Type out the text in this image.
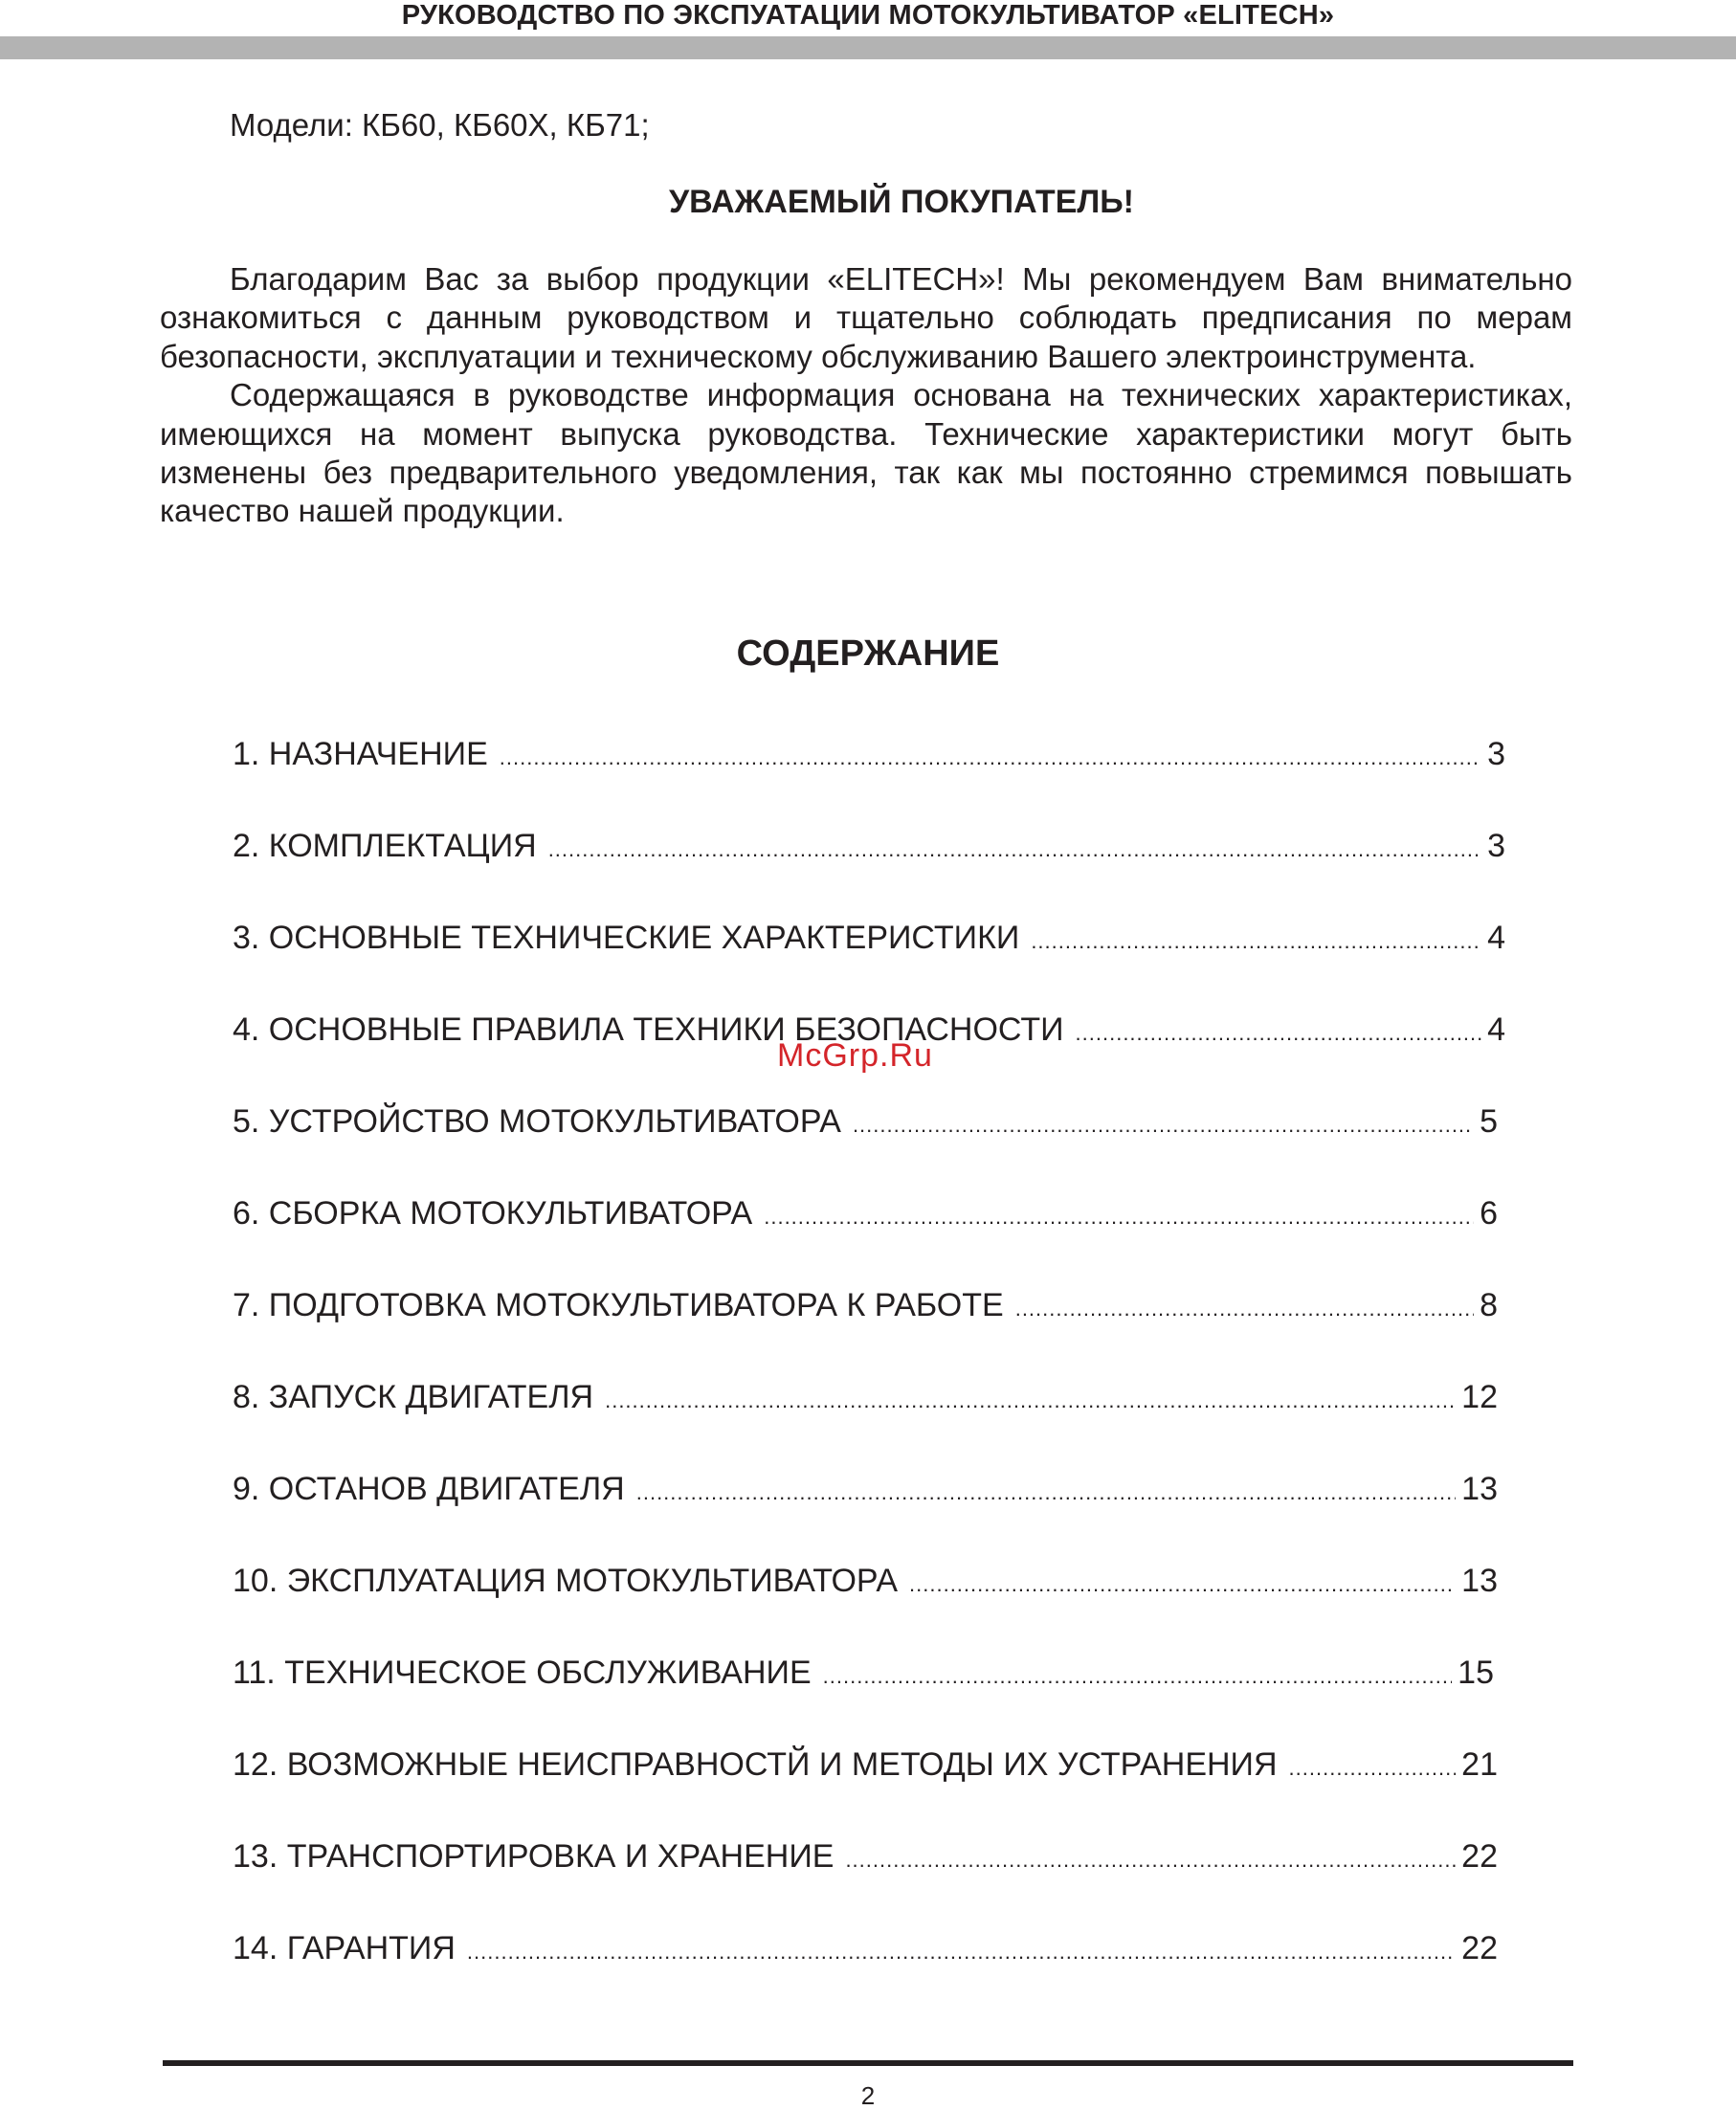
РУКОВОДСТВО ПО ЭКСПУАТАЦИИ МОТОКУЛЬТИВАТОР «ELITECH»
Модели: КБ60, КБ60Х, КБ71;
УВАЖАЕМЫЙ ПОКУПАТЕЛЬ!

Благодарим Вас за выбор продукции «ELITECH»! Мы рекомендуем Вам внимательно ознакомиться с данным руководством и тщательно соблюдать предписания по мерам безопасности, эксплуатации и техническому обслуживанию Вашего электроинструмента.

Содержащаяся в руководстве информация основана на технических характеристиках, имеющихся на момент выпуска руководства. Технические характеристики могут быть изменены без предварительного уведомления, так как мы постоянно стремимся повышать качество нашей продукции.

СОДЕРЖАНИЕ
1. НАЗНАЧЕНИЕ .....	3
2. КОМПЛЕКТАЦИЯ .....	3
3. ОСНОВНЫЕ ТЕХНИЧЕСКИЕ ХАРАКТЕРИСТИКИ .....	4
4. ОСНОВНЫЕ ПРАВИЛА ТЕХНИКИ БЕЗОПАСНОСТИ .....	4
5. УСТРОЙСТВО МОТОКУЛЬТИВАТОРА .....	5
6. СБОРКА МОТОКУЛЬТИВАТОРА .....	6
7. ПОДГОТОВКА МОТОКУЛЬТИВАТОРА К РАБОТЕ .....	8
8. ЗАПУСК ДВИГАТЕЛЯ .....	12
9. ОСТАНОВ ДВИГАТЕЛЯ .....	13
10. ЭКСПЛУАТАЦИЯ МОТОКУЛЬТИВАТОРА .....	13
11. ТЕХНИЧЕСКОЕ ОБСЛУЖИВАНИЕ .....	15
12. ВОЗМОЖНЫЕ НЕИСПРАВНОСТЙ И МЕТОДЫ ИХ УСТРАНЕНИЯ .....	21
13. ТРАНСПОРТИРОВКА И ХРАНЕНИЕ .....	22
14. ГАРАНТИЯ .....	22
McGrp.Ru
2
